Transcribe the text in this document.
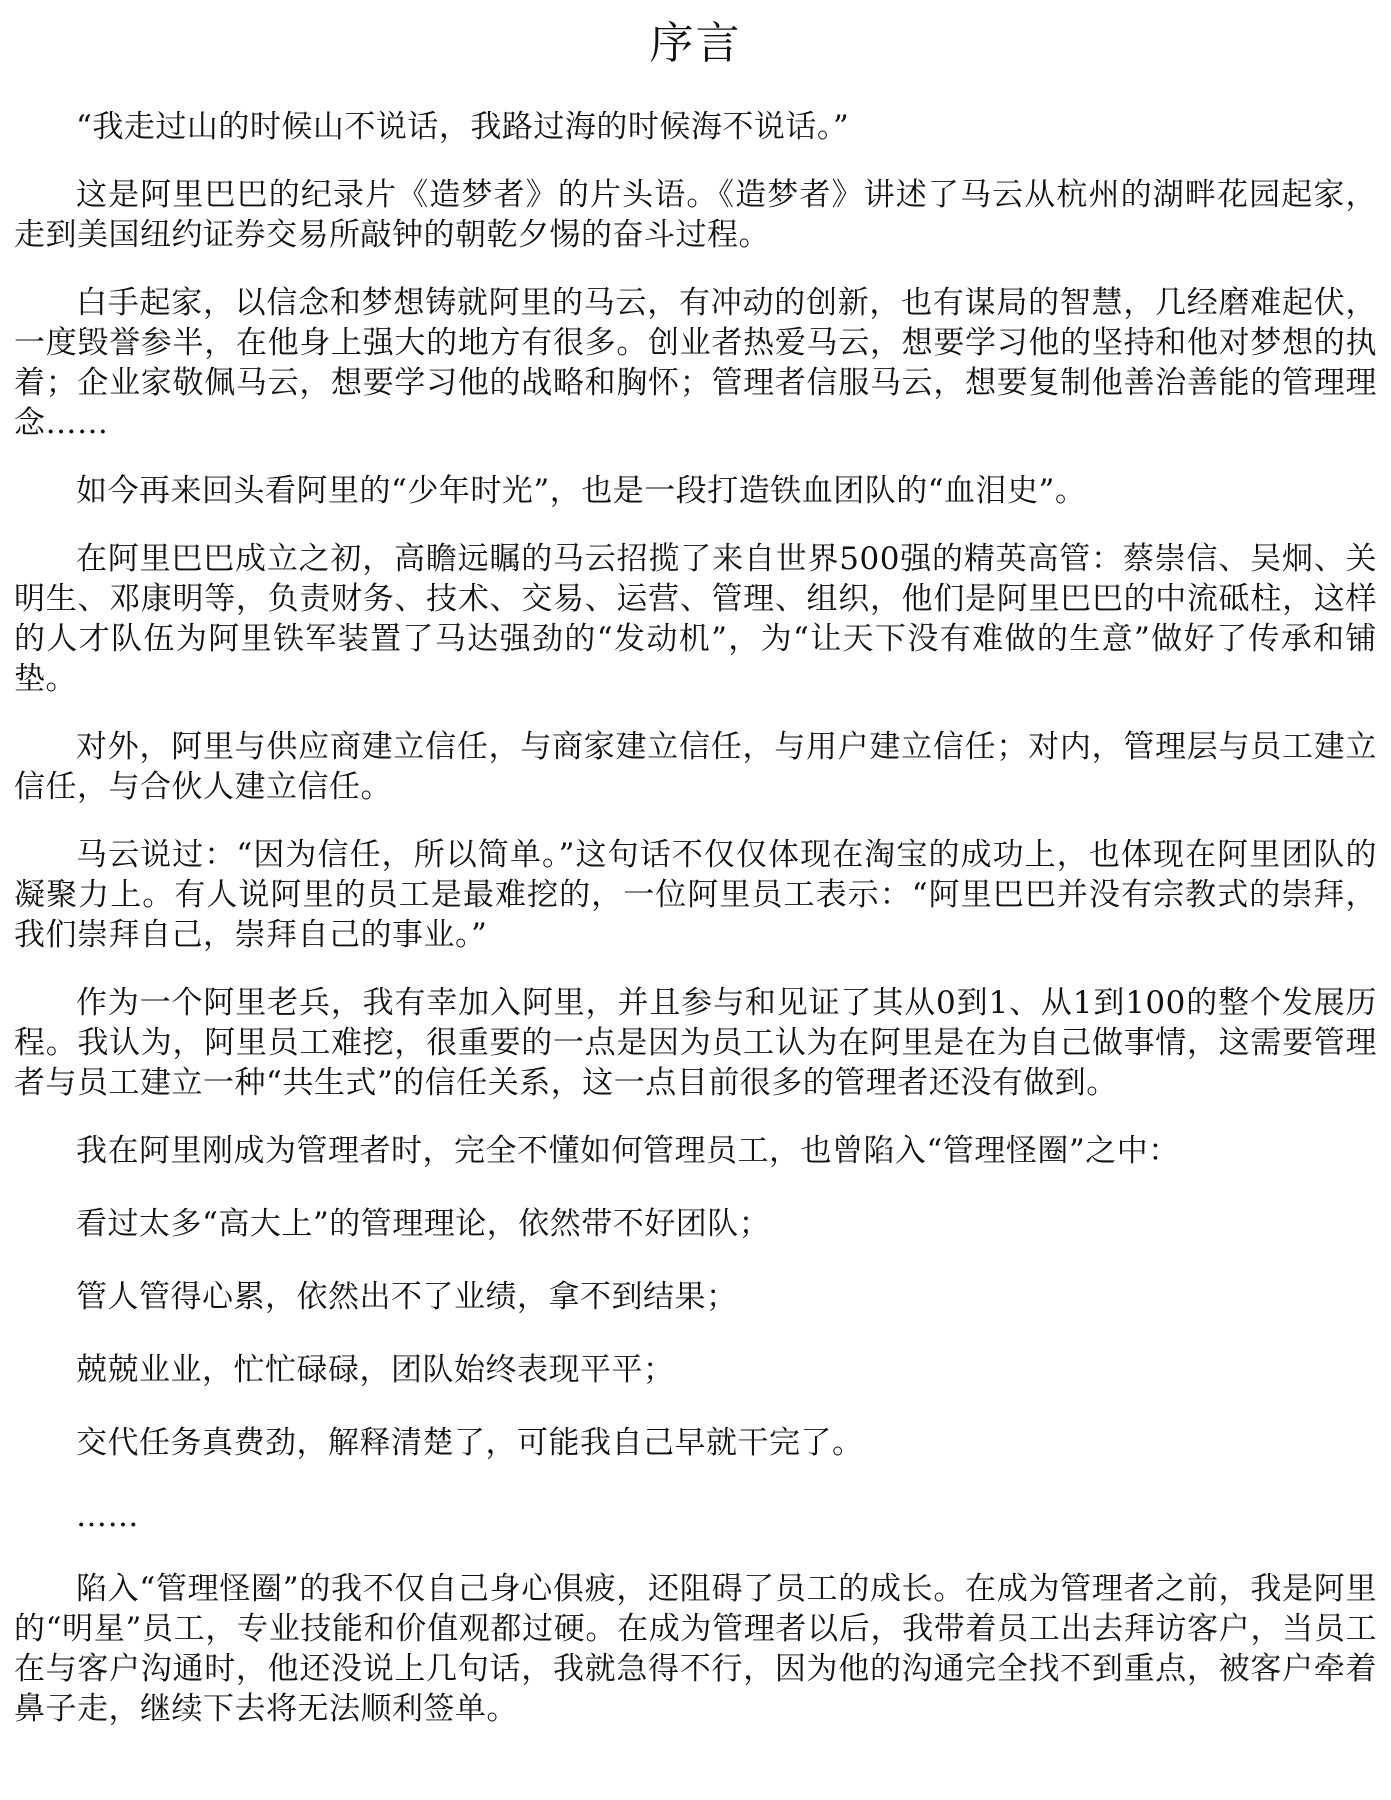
序言

“我走过山的时候山不说话，我路过海的时候海不说话。”

这是阿里巴巴的纪录片《造梦者》的片头语。《造梦者》讲述了马云从杭州的湖畔花园起家，走到美国纽约证券交易所敲钟的朝乾夕惕的奋斗过程。

白手起家，以信念和梦想铸就阿里的马云，有冲动的创新，也有谋局的智慧，几经磨难起伏，一度毁誉参半，在他身上强大的地方有很多。创业者热爱马云，想要学习他的坚持和他对梦想的执着；企业家敬佩马云，想要学习他的战略和胸怀；管理者信服马云，想要复制他善治善能的管理理念……

如今再来回头看阿里的“少年时光”，也是一段打造铁血团队的“血泪史”。

在阿里巴巴成立之初，高瞻远瞩的马云招揽了来自世界500强的精英高管：蔡崇信、吴炯、关明生、邓康明等，负责财务、技术、交易、运营、管理、组织，他们是阿里巴巴的中流砥柱，这样的人才队伍为阿里铁军装置了马达强劲的“发动机”，为“让天下没有难做的生意”做好了传承和铺垫。

对外，阿里与供应商建立信任，与商家建立信任，与用户建立信任；对内，管理层与员工建立信任，与合伙人建立信任。

马云说过：“因为信任，所以简单。”这句话不仅仅体现在淘宝的成功上，也体现在阿里团队的凝聚力上。有人说阿里的员工是最难挖的，一位阿里员工表示：“阿里巴巴并没有宗教式的崇拜，我们崇拜自己，崇拜自己的事业。”

作为一个阿里老兵，我有幸加入阿里，并且参与和见证了其从0到1、从1到100的整个发展历程。我认为，阿里员工难挖，很重要的一点是因为员工认为在阿里是在为自己做事情，这需要管理者与员工建立一种“共生式”的信任关系，这一点目前很多的管理者还没有做到。

我在阿里刚成为管理者时，完全不懂如何管理员工，也曾陷入“管理怪圈”之中：

看过太多“高大上”的管理理论，依然带不好团队；

管人管得心累，依然出不了业绩，拿不到结果；

兢兢业业，忙忙碌碌，团队始终表现平平；

交代任务真费劲，解释清楚了，可能我自己早就干完了。

……

陷入“管理怪圈”的我不仅自己身心俱疲，还阻碍了员工的成长。在成为管理者之前，我是阿里的“明星”员工，专业技能和价值观都过硬。在成为管理者以后，我带着员工出去拜访客户，当员工在与客户沟通时，他还没说上几句话，我就急得不行，因为他的沟通完全找不到重点，被客户牵着鼻子走，继续下去将无法顺利签单。
